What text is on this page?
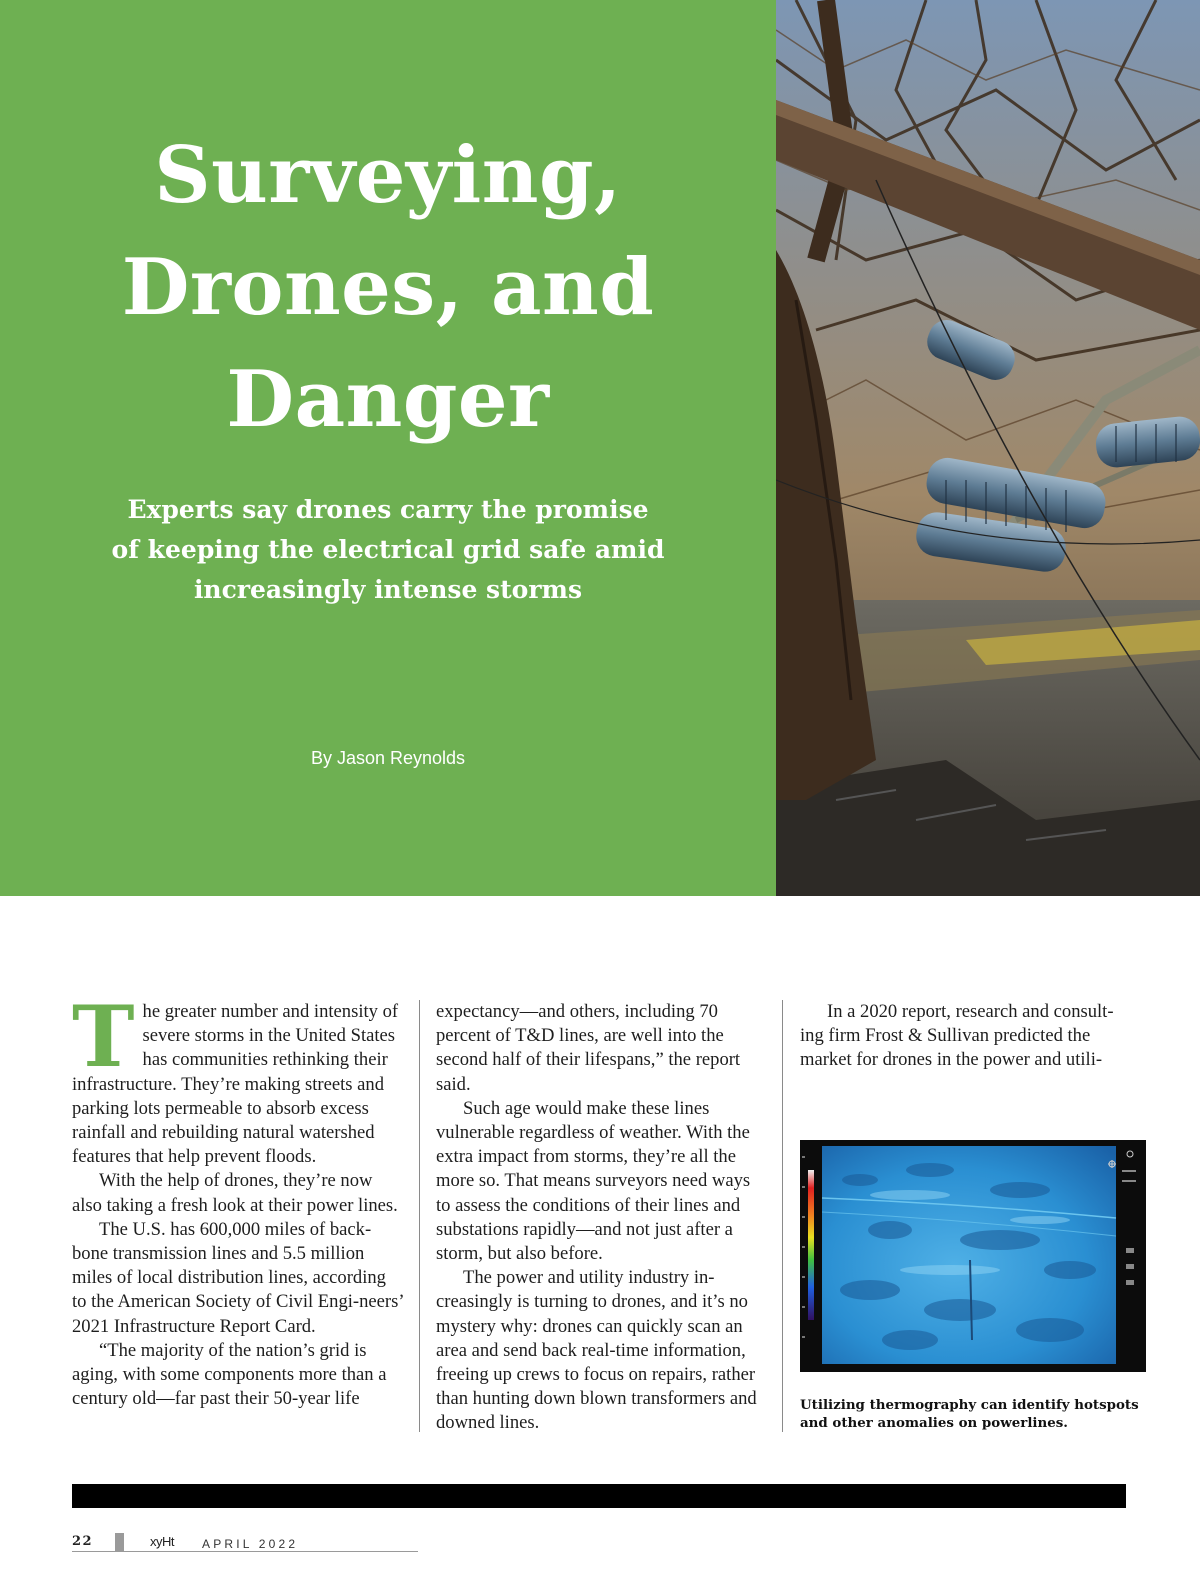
Surveying,
Drones, and
Danger

Experts say drones carry the promise
of keeping the electrical grid safe amid
increasingly intense storms

By Jason Reynolds
T he greater number and intensity of severe storms in the United States has communities rethinking their infrastructure. They’re making streets and parking lots permeable to absorb excess rainfall and rebuilding natural watershed features that help prevent floods.

With the help of drones, they’re now also taking a fresh look at their power lines.

The U.S. has 600,000 miles of back-bone transmission lines and 5.5 million miles of local distribution lines, according to the American Society of Civil Engi-neers’ 2021 Infrastructure Report Card.

“The majority of the nation’s grid is aging, with some components more than a century old—far past their 50-year life

expectancy—and others, including 70 percent of T&D lines, are well into the second half of their lifespans,” the report said.

Such age would make these lines vulnerable regardless of weather. With the extra impact from storms, they’re all the more so. That means surveyors need ways to assess the conditions of their lines and substations rapidly—and not just after a storm, but also before.

The power and utility industry in-creasingly is turning to drones, and it’s no mystery why: drones can quickly scan an area and send back real-time information, freeing up crews to focus on repairs, rather than hunting down blown transformers and downed lines.

In a 2020 report, research and consult-ing firm Frost & Sullivan predicted the market for drones in the power and utili-

Utilizing thermography can identify hotspots and other anomalies on powerlines.

22	xyHt APRIL 2022
